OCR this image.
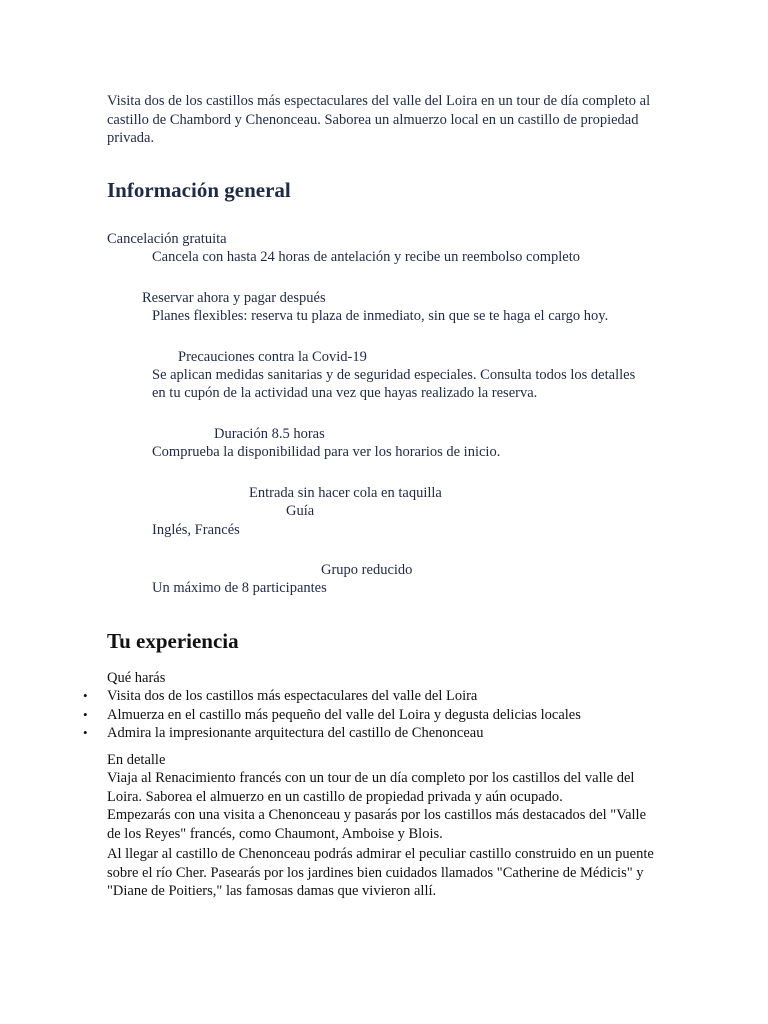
Visita dos de los castillos más espectaculares del valle del Loira en un tour de día completo al castillo de Chambord y Chenonceau. Saborea un almuerzo local en un castillo de propiedad privada.
Información general
Cancelación gratuita
Cancela con hasta 24 horas de antelación y recibe un reembolso completo
Reservar ahora y pagar después
Planes flexibles: reserva tu plaza de inmediato, sin que se te haga el cargo hoy.
Precauciones contra la Covid-19
Se aplican medidas sanitarias y de seguridad especiales. Consulta todos los detalles
en tu cupón de la actividad una vez que hayas realizado la reserva.
Duración 8.5 horas
Comprueba la disponibilidad para ver los horarios de inicio.
Entrada sin hacer cola en taquilla
Guía
Inglés, Francés
Grupo reducido
Un máximo de 8 participantes
Tu experiencia
Qué harás
• Visita dos de los castillos más espectaculares del valle del Loira
• Almuerza en el castillo más pequeño del valle del Loira y degusta delicias locales
• Admira la impresionante arquitectura del castillo de Chenonceau
En detalle
Viaja al Renacimiento francés con un tour de un día completo por los castillos del valle del Loira. Saborea el almuerzo en un castillo de propiedad privada y aún ocupado.
Empezarás con una visita a Chenonceau y pasarás por los castillos más destacados del "Valle de los Reyes" francés, como Chaumont, Amboise y Blois.
Al llegar al castillo de Chenonceau podrás admirar el peculiar castillo construido en un puente sobre el río Cher. Pasearás por los jardines bien cuidados llamados "Catherine de Médicis" y "Diane de Poitiers," las famosas damas que vivieron allí.
